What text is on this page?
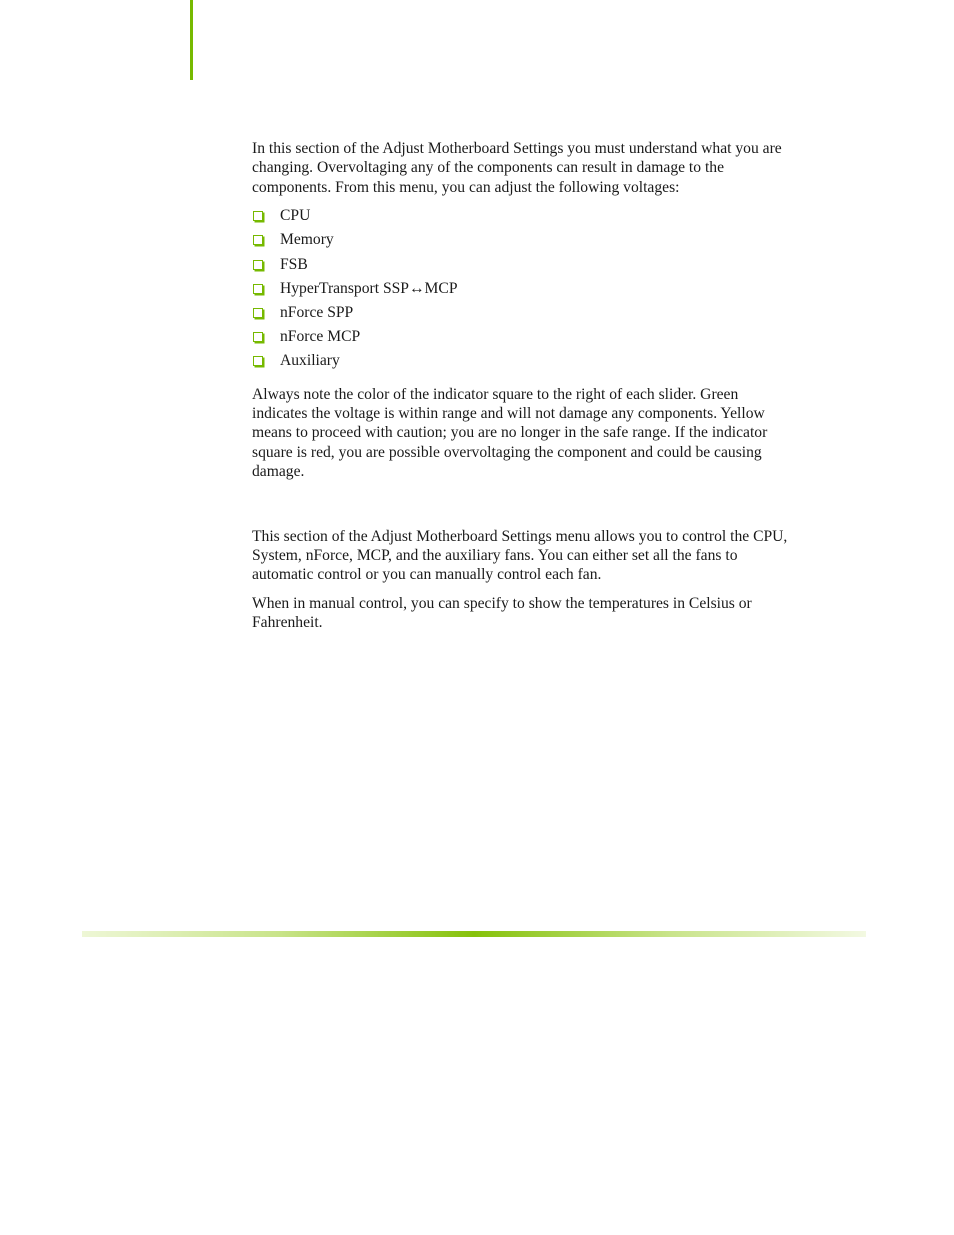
In this section of the Adjust Motherboard Settings you must understand what you are changing. Overvoltaging any of the components can result in damage to the components. From this menu, you can adjust the following voltages:

CPU
Memory
FSB
HyperTransport SSP↔MCP
nForce SPP
nForce MCP
Auxiliary

Always note the color of the indicator square to the right of each slider. Green indicates the voltage is within range and will not damage any components. Yellow means to proceed with caution; you are no longer in the safe range. If the indicator square is red, you are possible overvoltaging the component and could be causing damage.

This section of the Adjust Motherboard Settings menu allows you to control the CPU, System, nForce, MCP, and the auxiliary fans. You can either set all the fans to automatic control or you can manually control each fan.

When in manual control, you can specify to show the temperatures in Celsius or Fahrenheit.
